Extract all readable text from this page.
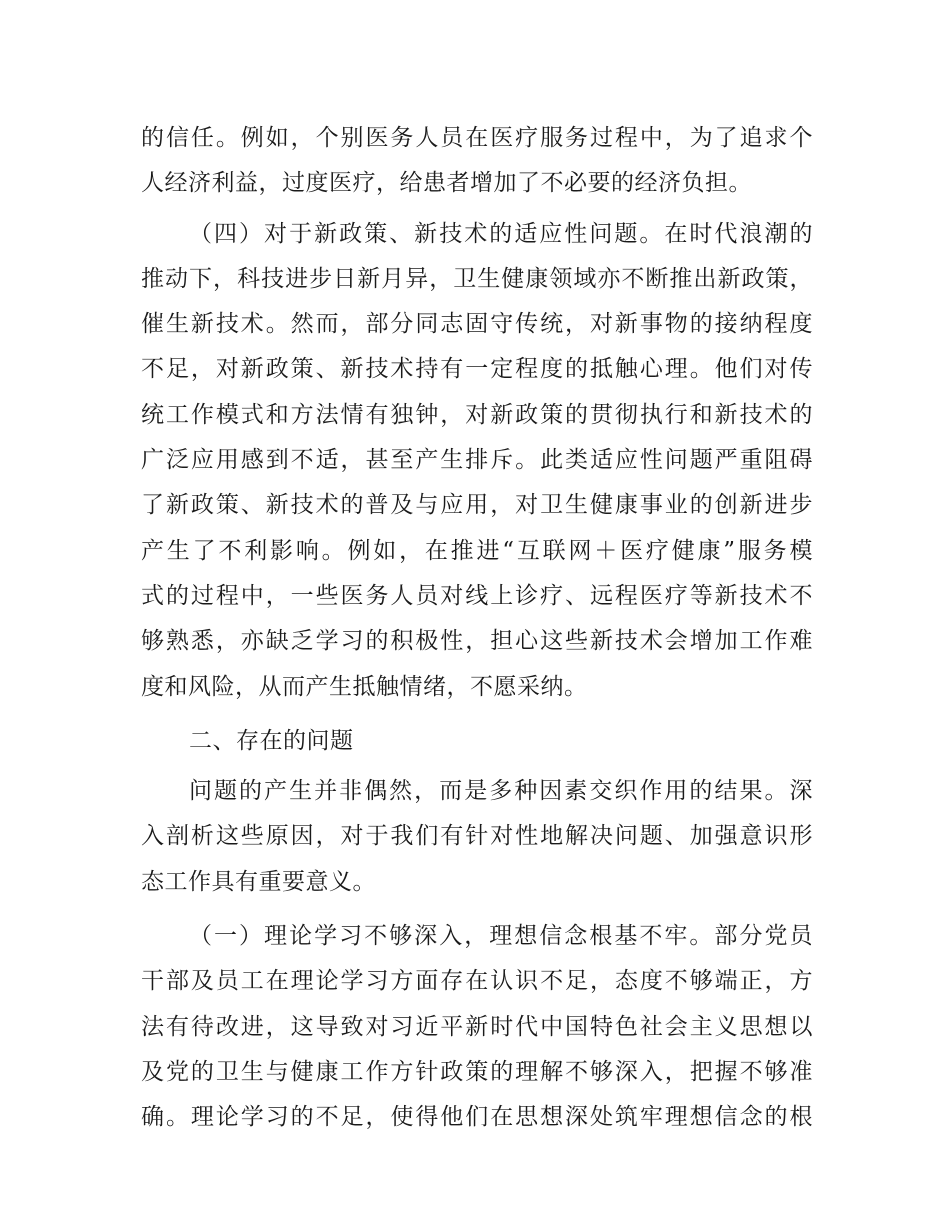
的信任。例如，个别医务人员在医疗服务过程中，为了追求个
人经济利益，过度医疗，给患者增加了不必要的经济负担。

（四）对于新政策、新技术的适应性问题。在时代浪潮的
推动下，科技进步日新月异，卫生健康领域亦不断推出新政策，
催生新技术。然而，部分同志固守传统，对新事物的接纳程度
不足，对新政策、新技术持有一定程度的抵触心理。他们对传
统工作模式和方法情有独钟，对新政策的贯彻执行和新技术的
广泛应用感到不适，甚至产生排斥。此类适应性问题严重阻碍
了新政策、新技术的普及与应用，对卫生健康事业的创新进步
产生了不利影响。例如，在推进“互联网＋医疗健康”服务模
式的过程中，一些医务人员对线上诊疗、远程医疗等新技术不
够熟悉，亦缺乏学习的积极性，担心这些新技术会增加工作难
度和风险，从而产生抵触情绪，不愿采纳。

二、存在的问题

问题的产生并非偶然，而是多种因素交织作用的结果。深
入剖析这些原因，对于我们有针对性地解决问题、加强意识形
态工作具有重要意义。

（一）理论学习不够深入，理想信念根基不牢。部分党员
干部及员工在理论学习方面存在认识不足，态度不够端正，方
法有待改进，这导致对习近平新时代中国特色社会主义思想以
及党的卫生与健康工作方针政策的理解不够深入，把握不够准
确。理论学习的不足，使得他们在思想深处筑牢理想信念的根
